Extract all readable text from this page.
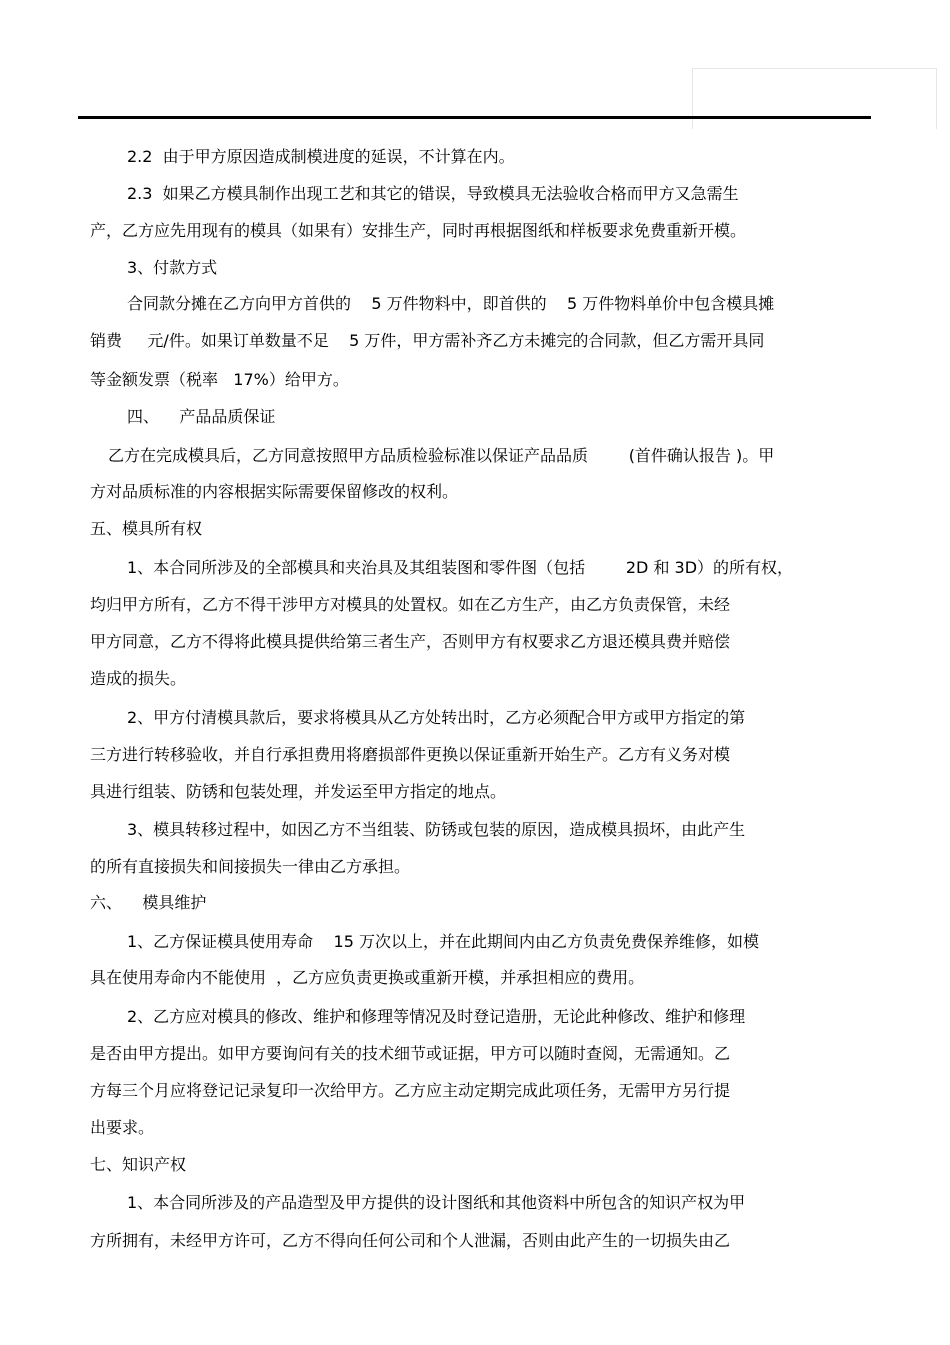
2.2  由于甲方原因造成制模进度的延误，不计算在内。
2.3  如果乙方模具制作出现工艺和其它的错误，导致模具无法验收合格而甲方又急需生
产，乙方应先用现有的模具（如果有）安排生产，同时再根据图纸和样板要求免费重新开模。
3、付款方式
合同款分摊在乙方向甲方首供的    5 万件物料中，即首供的    5 万件物料单价中包含模具摊
销费     元/件。如果订单数量不足    5 万件，甲方需补齐乙方未摊完的合同款，但乙方需开具同
等金额发票（税率   17%）给甲方。
四、    产品品质保证
乙方在完成模具后，乙方同意按照甲方品质检验标准以保证产品品质        (首件确认报告 )。甲
方对品质标准的内容根据实际需要保留修改的权利。
五、模具所有权
1、本合同所涉及的全部模具和夹治具及其组装图和零件图（包括        2D 和 3D）的所有权，
均归甲方所有，乙方不得干涉甲方对模具的处置权。如在乙方生产，由乙方负责保管，未经
甲方同意，乙方不得将此模具提供给第三者生产，否则甲方有权要求乙方退还模具费并赔偿
造成的损失。
2、甲方付清模具款后，要求将模具从乙方处转出时，乙方必须配合甲方或甲方指定的第
三方进行转移验收，并自行承担费用将磨损部件更换以保证重新开始生产。乙方有义务对模
具进行组装、防锈和包装处理，并发运至甲方指定的地点。
3、模具转移过程中，如因乙方不当组装、防锈或包装的原因，造成模具损坏，由此产生
的所有直接损失和间接损失一律由乙方承担。
六、    模具维护
1、乙方保证模具使用寿命    15 万次以上，并在此期间内由乙方负责免费保养维修，如模
具在使用寿命内不能使用  ，乙方应负责更换或重新开模，并承担相应的费用。
2、乙方应对模具的修改、维护和修理等情况及时登记造册，无论此种修改、维护和修理
是否由甲方提出。如甲方要询问有关的技术细节或证据，甲方可以随时查阅，无需通知。乙
方每三个月应将登记记录复印一次给甲方。乙方应主动定期完成此项任务，无需甲方另行提
出要求。
七、知识产权
1、本合同所涉及的产品造型及甲方提供的设计图纸和其他资料中所包含的知识产权为甲
方所拥有，未经甲方许可，乙方不得向任何公司和个人泄漏，否则由此产生的一切损失由乙
